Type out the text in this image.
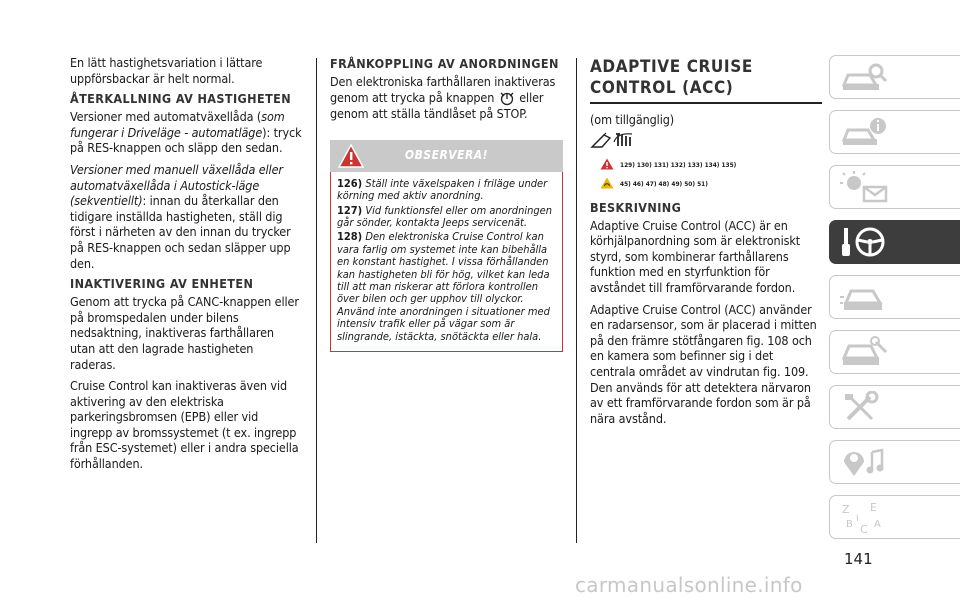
En lätt hastighetsvariation i lättare uppförsbackar är helt normal.

ÅTERKALLNING AV HASTIGHETEN

Versioner med automatväxellåda (som fungerar i Driveläge - automatläge): tryck på RES-knappen och släpp den sedan.

Versioner med manuell växellåda eller automatväxellåda i Autostick-läge (sekventiellt): innan du återkallar den tidigare inställda hastigheten, ställ dig först i närheten av den innan du trycker på RES-knappen och sedan släpper upp den.

INAKTIVERING AV ENHETEN

Genom att trycka på CANC-knappen eller på bromspedalen under bilens nedsaktning, inaktiveras farthållaren utan att den lagrade hastigheten raderas.

Cruise Control kan inaktiveras även vid aktivering av den elektriska parkeringsbromsen (EPB) eller vid ingrepp av bromssystemet (t ex. ingrepp från ESC-systemet) eller i andra speciella förhållanden.

FRÅNKOPPLING AV ANORDNINGEN

Den elektroniska farthållaren inaktiveras genom att trycka på knappen eller genom att ställa tändlåset på STOP.

OBSERVERA!

126) Ställ inte växelspaken i friläge under körning med aktiv anordning.

127) Vid funktionsfel eller om anordningen går sönder, kontakta Jeeps servicenät.

128) Den elektroniska Cruise Control kan vara farlig om systemet inte kan bibehålla en konstant hastighet. I vissa förhållanden kan hastigheten bli för hög, vilket kan leda till att man riskerar att förlora kontrollen över bilen och ger upphov till olyckor. Använd inte anordningen i situationer med intensiv trafik eller på vägar som är slingrande, istäckta, snötäckta eller hala.

ADAPTIVE CRUISE CONTROL (ACC)

(om tillgänglig)

129) 130) 131) 132) 133) 134) 135)
45) 46) 47) 48) 49) 50) 51)
BESKRIVNING

Adaptive Cruise Control (ACC) är en körhjälpanordning som är elektroniskt styrd, som kombinerar farthållarens funktion med en styrfunktion för avståndet till framförvarande fordon.

Adaptive Cruise Control (ACC) använder en radarsensor, som är placerad i mitten på den främre stötfångaren fig. 108 och en kamera som befinner sig i det centrala området av vindrutan fig. 109. Den används för att detektera närvaron av ett framförvarande fordon som är på nära avstånd.

Z E
B C A
I
141
carmanualsonline.info
